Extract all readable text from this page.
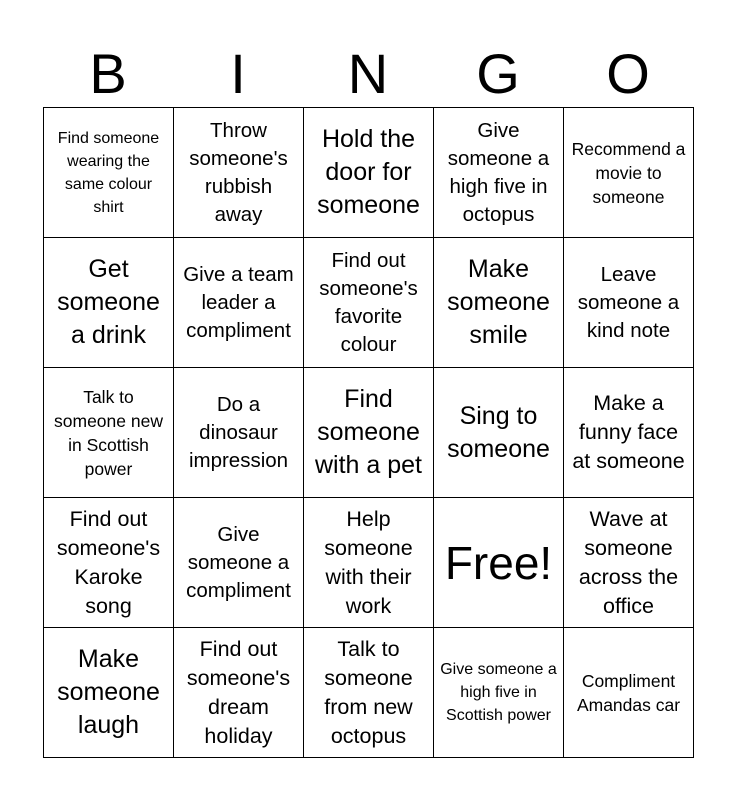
B	I	N	G	O
Find someone wearing the same colour shirt	Throw someone's rubbish away	Hold the door for someone	Give someone a high five in octopus	Recommend a movie to someone

Get someone a drink	Give a team leader a compliment	Find out someone's favorite colour	Make someone smile	Leave someone a kind note

Talk to someone new in Scottish power	Do a dinosaur impression	Find someone with a pet	Sing to someone	Make a funny face at someone

Find out someone's Karoke song	Give someone a compliment	Help someone with their work	Free!	Wave at someone across the office

Make someone laugh	Find out someone's dream holiday	Talk to someone from new octopus	Give someone a high five in Scottish power	Compliment Amandas car
